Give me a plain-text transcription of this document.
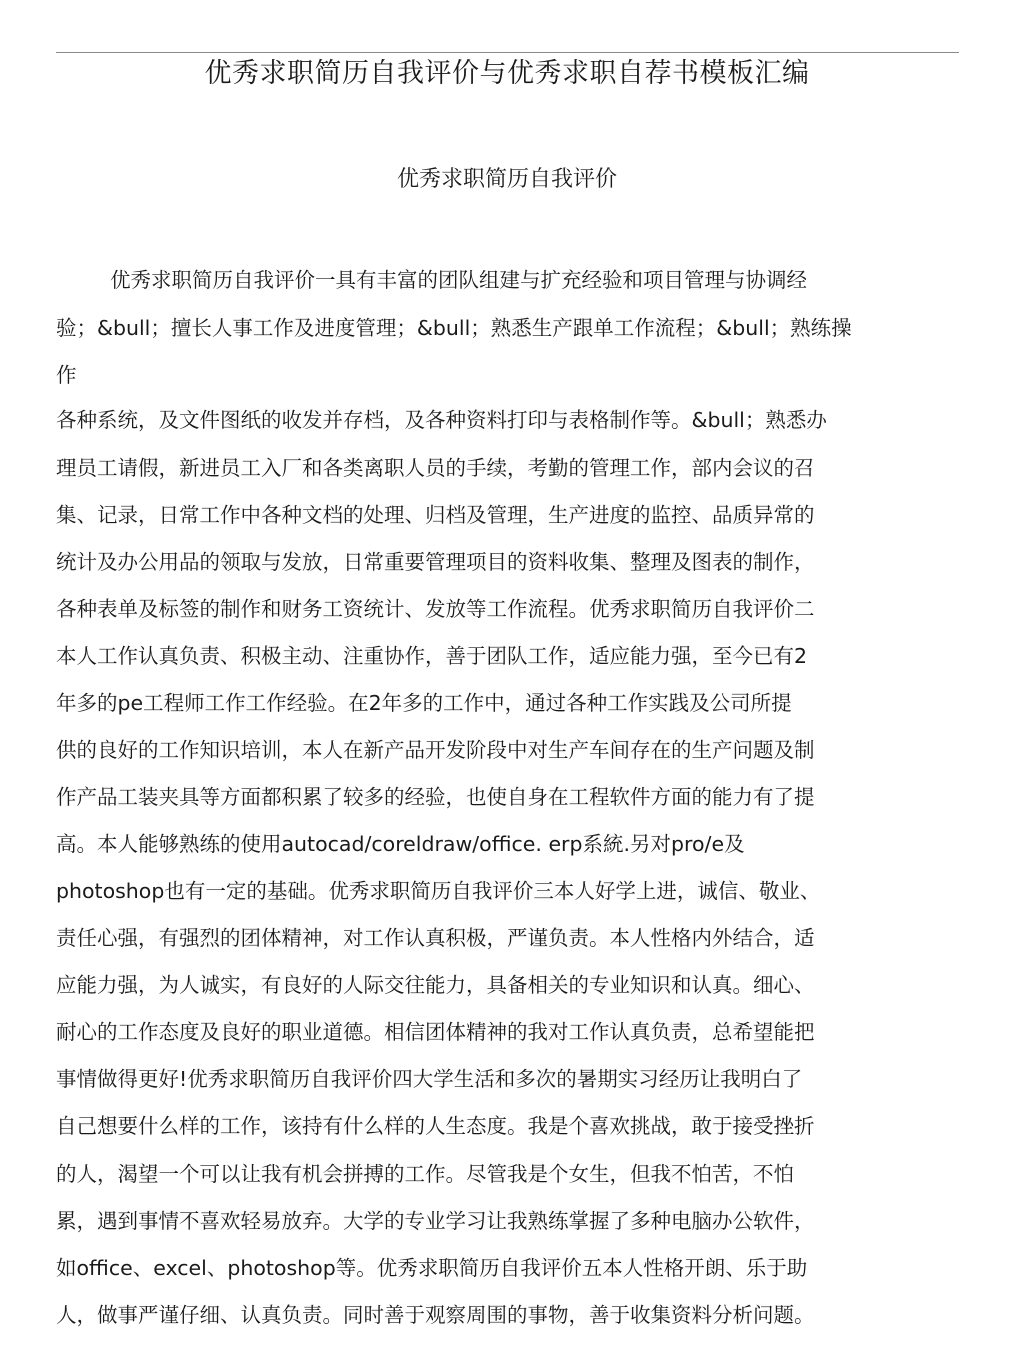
优秀求职简历自我评价与优秀求职自荐书模板汇编
优秀求职简历自我评价
优秀求职简历自我评价一具有丰富的团队组建与扩充经验和项目管理与协调经
验；&bull；擅长人事工作及进度管理；&bull；熟悉生产跟单工作流程；&bull；熟练操
作
各种系统，及文件图纸的收发并存档，及各种资料打印与表格制作等。&bull；熟悉办
理员工请假，新进员工入厂和各类离职人员的手续，考勤的管理工作，部内会议的召
集、记录，日常工作中各种文档的处理、归档及管理，生产进度的监控、品质异常的
统计及办公用品的领取与发放，日常重要管理项目的资料收集、整理及图表的制作，
各种表单及标签的制作和财务工资统计、发放等工作流程。优秀求职简历自我评价二
本人工作认真负责、积极主动、注重协作，善于团队工作，适应能力强，至今已有2
年多的pe工程师工作工作经验。在2年多的工作中，通过各种工作实践及公司所提
供的良好的工作知识培训，本人在新产品开发阶段中对生产车间存在的生产问题及制
作产品工装夹具等方面都积累了较多的经验，也使自身在工程软件方面的能力有了提
高。本人能够熟练的使用autocad/coreldraw/office. erp系統.另对pro/e及
photoshop也有一定的基础。优秀求职简历自我评价三本人好学上进，诚信、敬业、
责任心强，有强烈的团体精神，对工作认真积极，严谨负责。本人性格内外结合，适
应能力强，为人诚实，有良好的人际交往能力，具备相关的专业知识和认真。细心、
耐心的工作态度及良好的职业道德。相信团体精神的我对工作认真负责，总希望能把
事情做得更好!优秀求职简历自我评价四大学生活和多次的暑期实习经历让我明白了
自己想要什么样的工作，该持有什么样的人生态度。我是个喜欢挑战，敢于接受挫折
的人，渴望一个可以让我有机会拼搏的工作。尽管我是个女生，但我不怕苦，不怕
累，遇到事情不喜欢轻易放弃。大学的专业学习让我熟练掌握了多种电脑办公软件，
如office、excel、photoshop等。优秀求职简历自我评价五本人性格开朗、乐于助
人，做事严谨仔细、认真负责。同时善于观察周围的事物，善于收集资料分析问题。
